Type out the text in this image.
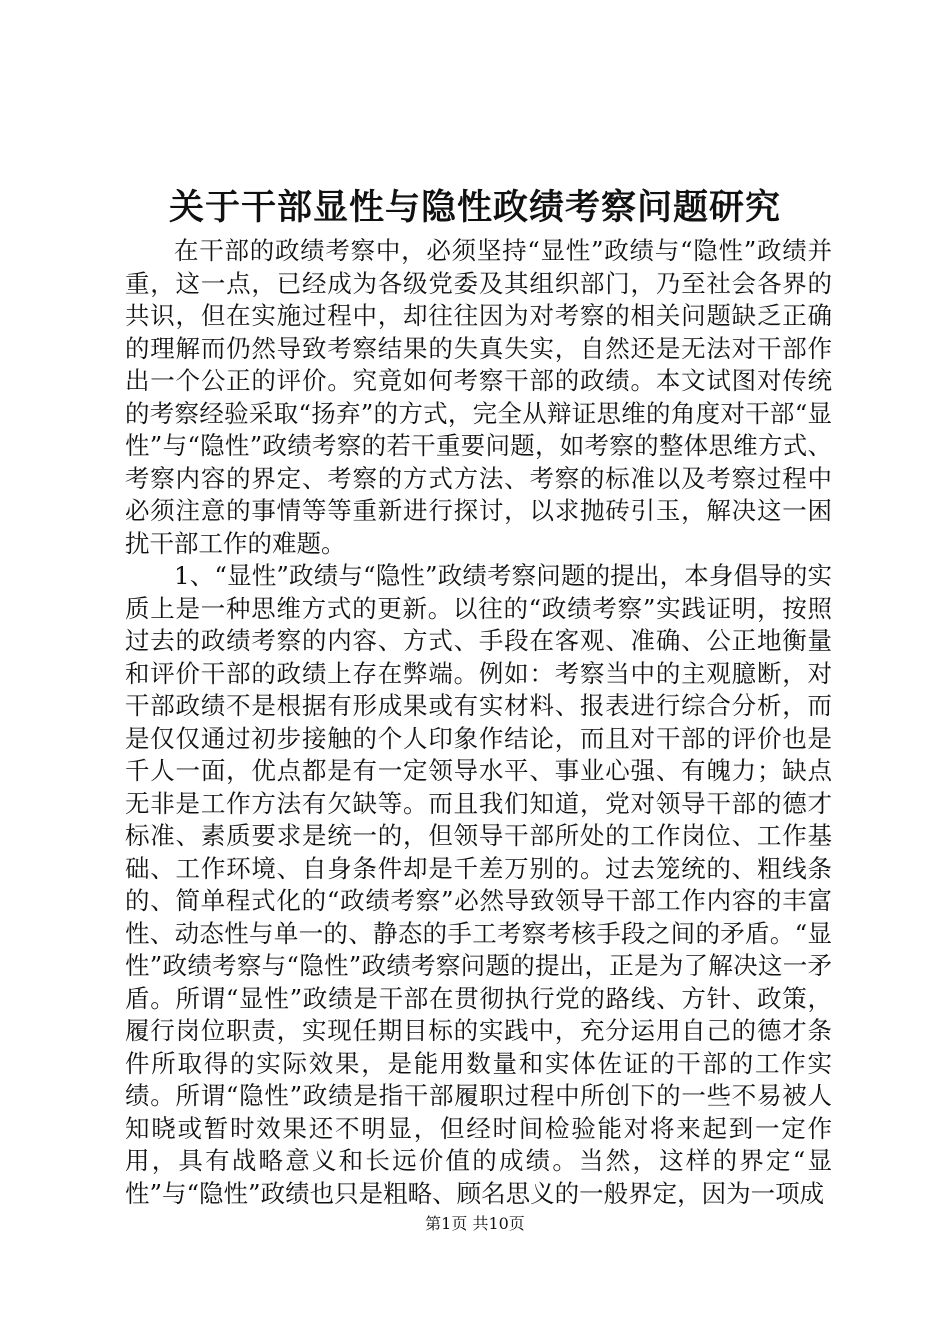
关于干部显性与隐性政绩考察问题研究

在干部的政绩考察中，必须坚持“显性”政绩与“隐性”政绩并重，这一点，已经成为各级党委及其组织部门，乃至社会各界的共识，但在实施过程中，却往往因为对考察的相关问题缺乏正确的理解而仍然导致考察结果的失真失实，自然还是无法对干部作出一个公正的评价。究竟如何考察干部的政绩。本文试图对传统的考察经验采取“扬弃”的方式，完全从辩证思维的角度对干部“显性”与“隐性”政绩考察的若干重要问题，如考察的整体思维方式、考察内容的界定、考察的方式方法、考察的标准以及考察过程中必须注意的事情等等重新进行探讨，以求抛砖引玉，解决这一困扰干部工作的难题。

1、“显性”政绩与“隐性”政绩考察问题的提出，本身倡导的实质上是一种思维方式的更新。以往的“政绩考察”实践证明，按照过去的政绩考察的内容、方式、手段在客观、准确、公正地衡量和评价干部的政绩上存在弊端。例如：考察当中的主观臆断，对干部政绩不是根据有形成果或有实材料、报表进行综合分析，而是仅仅通过初步接触的个人印象作结论，而且对干部的评价也是千人一面，优点都是有一定领导水平、事业心强、有魄力；缺点无非是工作方法有欠缺等。而且我们知道，党对领导干部的德才标准、素质要求是统一的，但领导干部所处的工作岗位、工作基础、工作环境、自身条件却是千差万别的。过去笼统的、粗线条的、简单程式化的“政绩考察”必然导致领导干部工作内容的丰富性、动态性与单一的、静态的手工考察考核手段之间的矛盾。“显性”政绩考察与“隐性”政绩考察问题的提出，正是为了解决这一矛盾。所谓“显性”政绩是干部在贯彻执行党的路线、方针、政策，履行岗位职责，实现任期目标的实践中，充分运用自己的德才条件所取得的实际效果，是能用数量和实体佐证的干部的工作实绩。所谓“隐性”政绩是指干部履职过程中所创下的一些不易被人知晓或暂时效果还不明显，但经时间检验能对将来起到一定作用，具有战略意义和长远价值的成绩。当然，这样的界定“显性”与“隐性”政绩也只是粗略、顾名思义的一般界定，因为一项成

第1页 共10页
